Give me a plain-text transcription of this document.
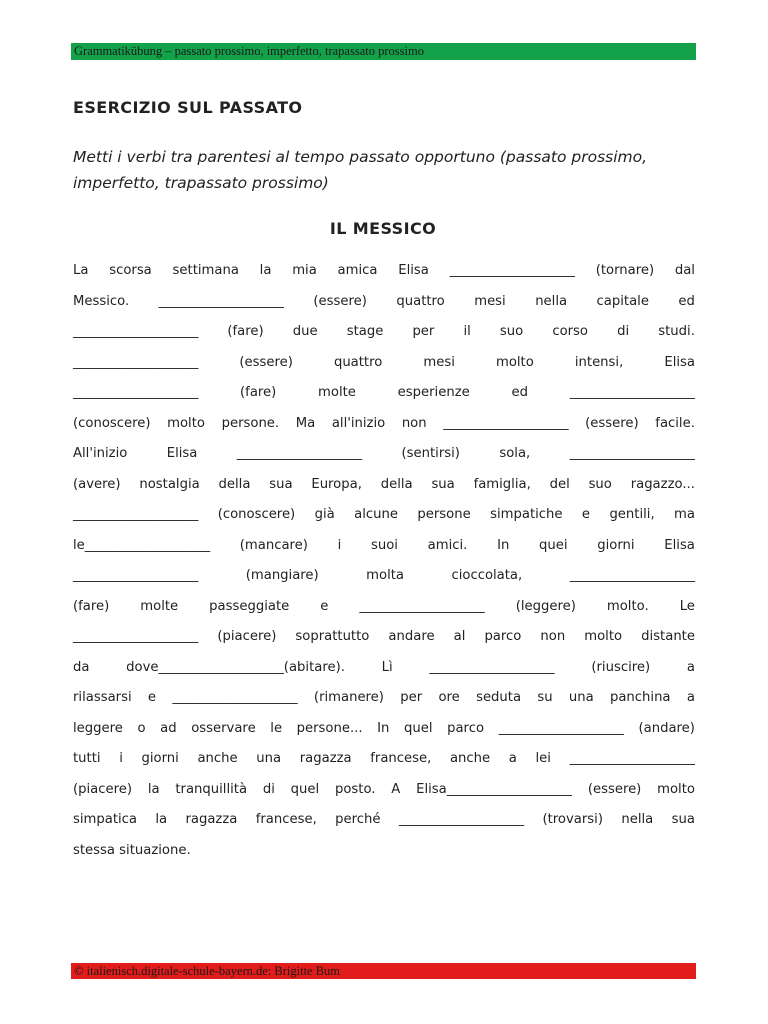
Grammatikübung – passato prossimo, imperfetto, trapassato prossimo
ESERCIZIO SUL PASSATO

Metti i verbi tra parentesi al tempo passato opportuno (passato prossimo, imperfetto, trapassato prossimo)

IL MESSICO
La scorsa settimana la mia amica Elisa ___________________ (tornare) dal
Messico. ___________________ (essere) quattro mesi nella capitale ed
___________________ (fare) due stage per il suo corso di studi.
___________________	(essere)	quattro	mesi	molto	intensi,	Elisa
___________________	(fare)	molte	esperienze	ed	___________________
(conoscere) molto persone. Ma all'inizio non ___________________ (essere) facile.
All'inizio	Elisa	___________________	(sentirsi)	sola,	___________________
(avere) nostalgia della sua Europa, della sua famiglia, del suo ragazzo...
___________________ (conoscere) già alcune persone simpatiche e gentili, ma
le___________________ (mancare) i suoi amici. In quei giorni Elisa
___________________	(mangiare)	molta	cioccolata,	___________________
(fare) molte passeggiate e ___________________ (leggere) molto. Le
___________________ (piacere) soprattutto andare al parco non molto distante
da	dove___________________(abitare).	Lì	___________________	(riuscire)	a
rilassarsi e ___________________ (rimanere) per ore seduta su una panchina a
leggere o ad osservare le persone... In quel parco ___________________ (andare)
tutti i giorni anche una ragazza francese, anche a lei ___________________
(piacere) la tranquillità di quel posto. A Elisa___________________ (essere) molto
simpatica la ragazza francese, perché ___________________ (trovarsi) nella sua
stessa situazione.
© italienisch.digitale-schule-bayern.de: Brigitte Bum
